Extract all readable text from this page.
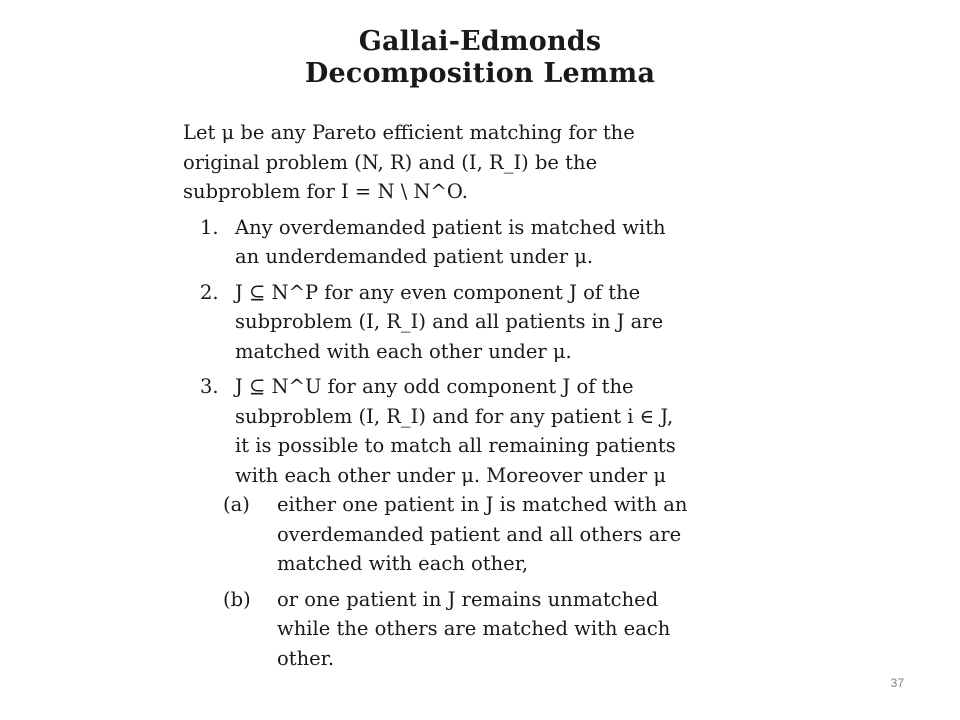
Gallai-Edmonds
Decomposition Lemma
Let μ be any Pareto efficient matching for the
original problem (N, R) and (I, R_I) be the
subproblem for I = N \ N^O.
1. Any overdemanded patient is matched with
an underdemanded patient under μ.
2. J ⊆ N^P for any even component J of the
subproblem (I, R_I) and all patients in J are
matched with each other under μ.
3. J ⊆ N^U for any odd component J of the
subproblem (I, R_I) and for any patient i ∈ J,
it is possible to match all remaining patients
with each other under μ. Moreover under μ
(a) either one patient in J is matched with an
overdemanded patient and all others are
matched with each other,
(b) or one patient in J remains unmatched
while the others are matched with each
other.
37
